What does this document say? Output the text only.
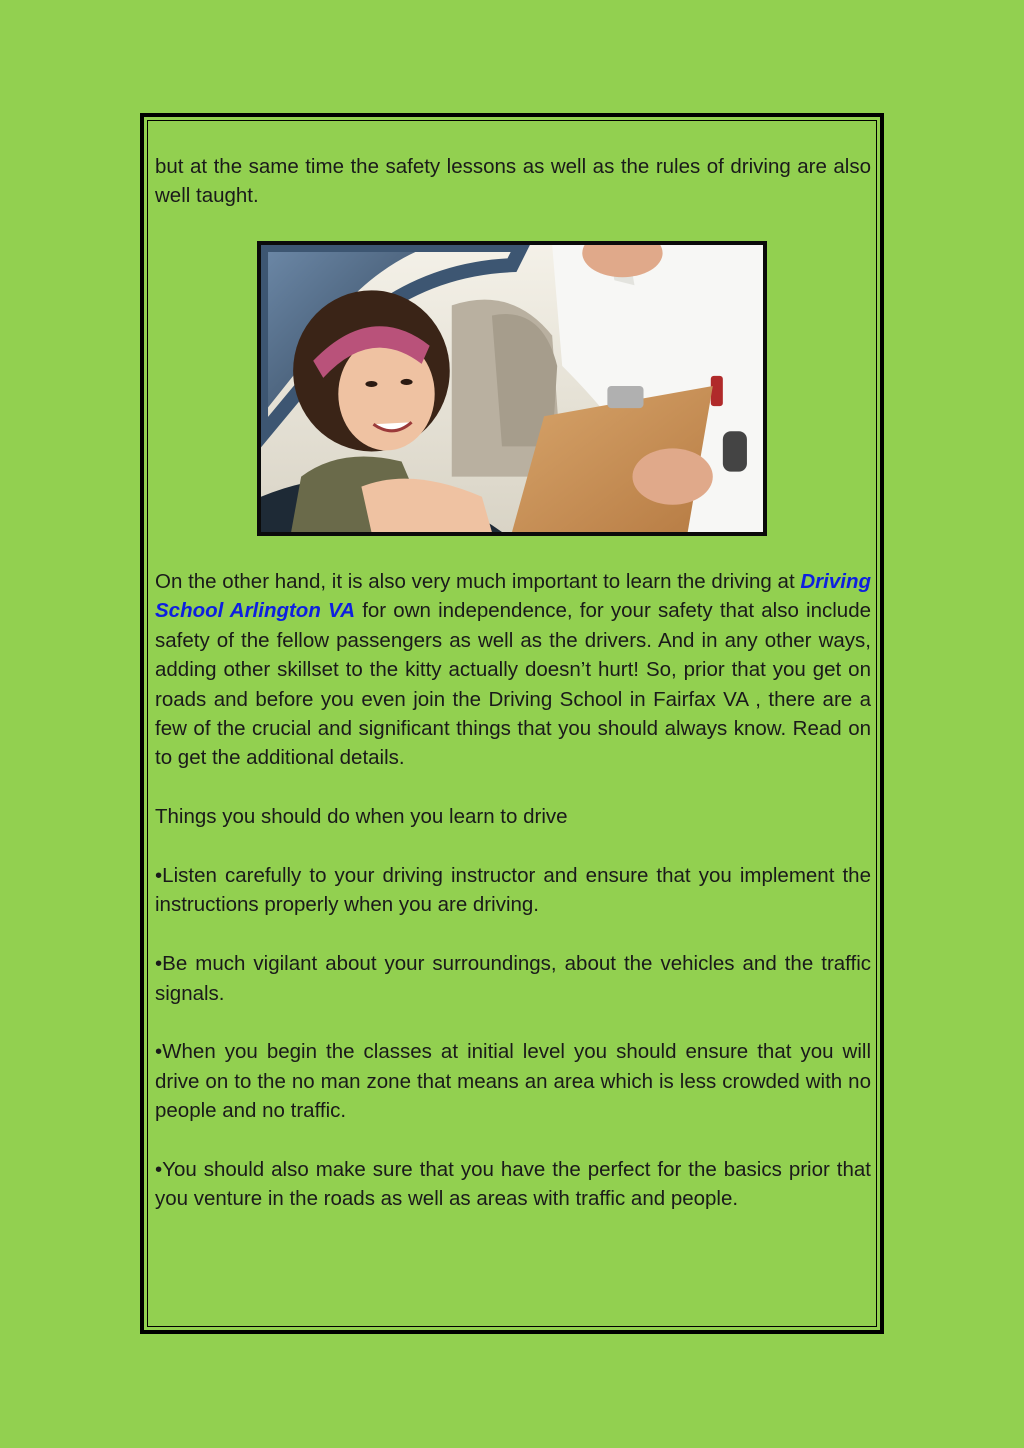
but at the same time the safety lessons as well as the rules of driving are also well taught.

On the other hand, it is also very much important to learn the driving at Driving School Arlington VA for own independence, for your safety that also include safety of the fellow passengers as well as the drivers. And in any other ways, adding other skillset to the kitty actually doesn’t hurt! So, prior that you get on roads and before you even join the Driving School in Fairfax VA , there are a few of the crucial and significant things that you should always know. Read on to get the additional details.

Things you should do when you learn to drive

•Listen carefully to your driving instructor and ensure that you implement the instructions properly when you are driving.

•Be much vigilant about your surroundings, about the vehicles and the traffic signals.

•When you begin the classes at initial level you should ensure that you will drive on to the no man zone that means an area which is less crowded with no people and no traffic.

•You should also make sure that you have the perfect for the basics prior that you venture in the roads as well as areas with traffic and people.
